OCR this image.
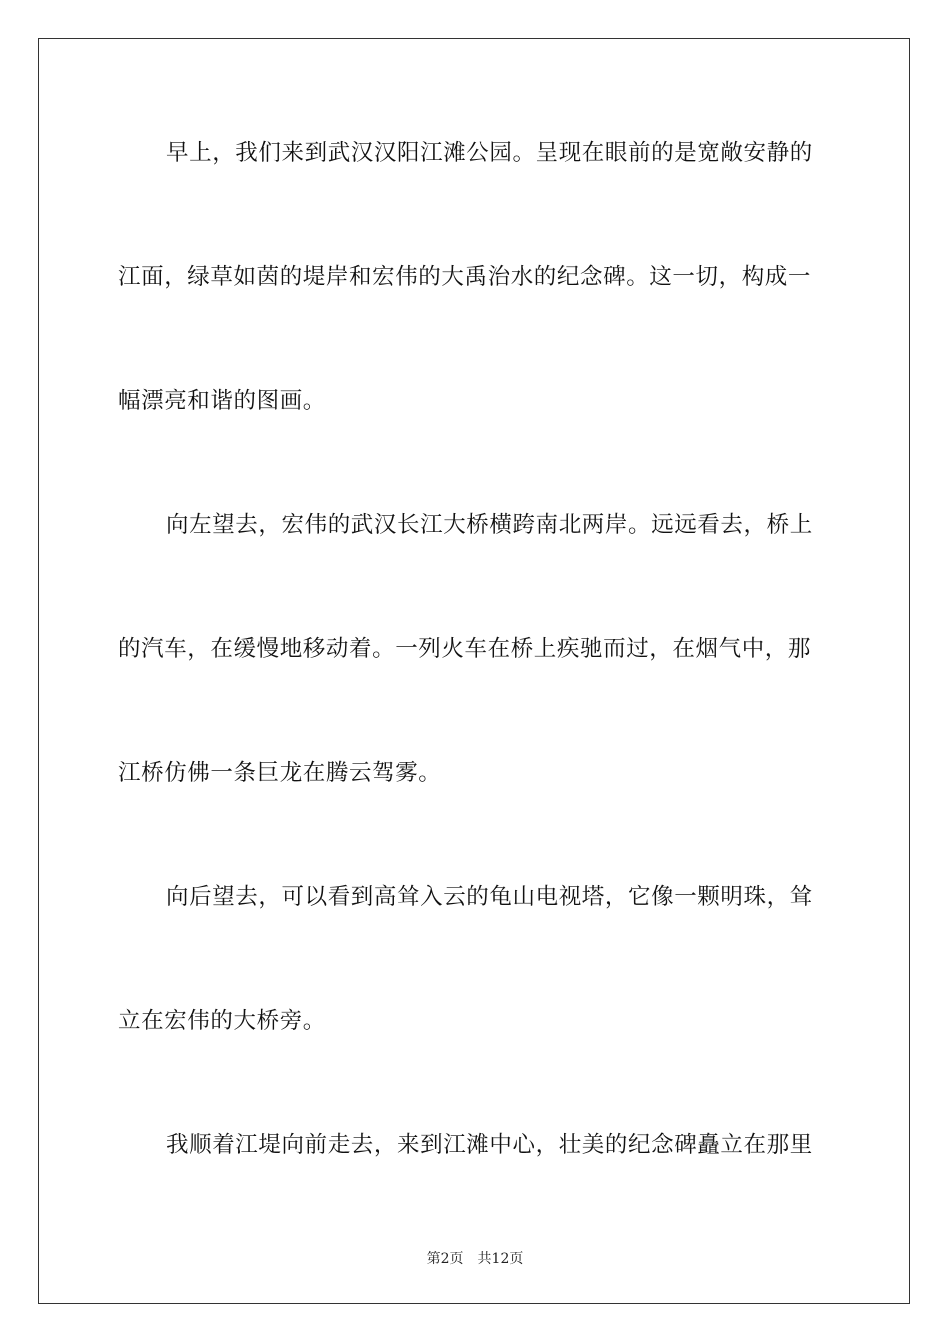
早上，我们来到武汉汉阳江滩公园。呈现在眼前的是宽敞安静的
江面，绿草如茵的堤岸和宏伟的大禹治水的纪念碑。这一切，构成一
幅漂亮和谐的图画。
向左望去，宏伟的武汉长江大桥横跨南北两岸。远远看去，桥上
的汽车，在缓慢地移动着。一列火车在桥上疾驰而过，在烟气中，那
江桥仿佛一条巨龙在腾云驾雾。
向后望去，可以看到高耸入云的龟山电视塔，它像一颗明珠，耸
立在宏伟的大桥旁。
我顺着江堤向前走去，来到江滩中心，壮美的纪念碑矗立在那里
第2页 共12页
